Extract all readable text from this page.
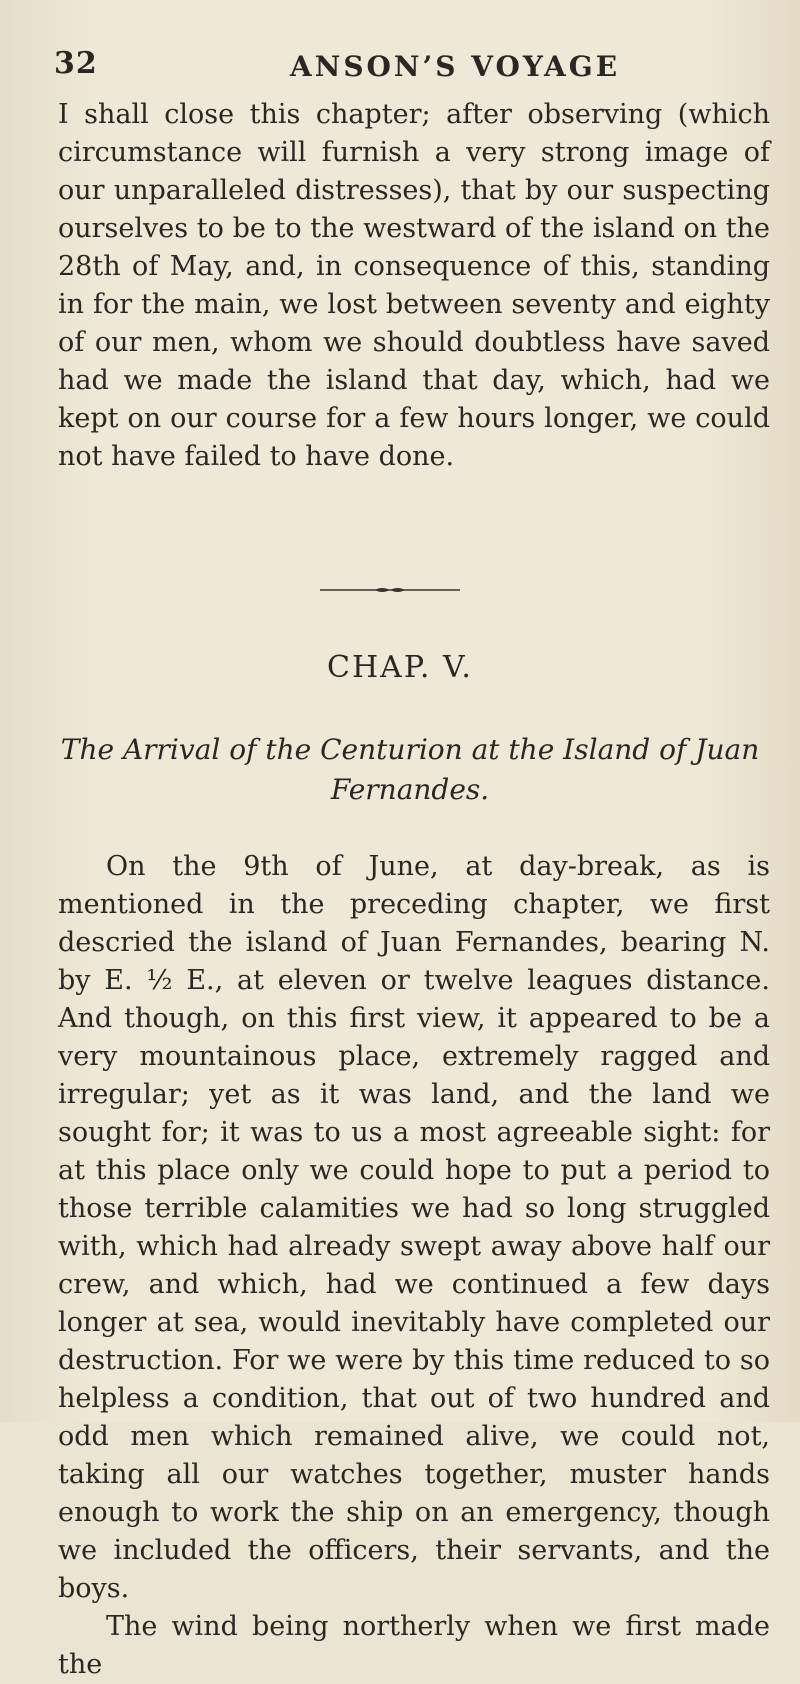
32	ANSON’S VOYAGE

I shall close this chapter; after observing (which circumstance will furnish a very strong image of our unparalleled distresses), that by our suspecting ourselves to be to the westward of the island on the 28th of May, and, in consequence of this, standing in for the main, we lost between seventy and eighty of our men, whom we should doubtless have saved had we made the island that day, which, had we kept on our course for a few hours longer, we could not have failed to have done.

CHAP. V.
The Arrival of the Centurion at the Island of Juan Fernandes.

On the 9th of June, at day-break, as is mentioned in the preceding chapter, we first descried the island of Juan Fernandes, bearing N. by E. ½ E., at eleven or twelve leagues distance. And though, on this first view, it appeared to be a very mountainous place, extremely ragged and irregular; yet as it was land, and the land we sought for; it was to us a most agreeable sight: for at this place only we could hope to put a period to those terrible calamities we had so long struggled with, which had already swept away above half our crew, and which, had we continued a few days longer at sea, would inevitably have completed our destruction. For we were by this time reduced to so helpless a condition, that out of two hundred and odd men which remained alive, we could not, taking all our watches together, muster hands enough to work the ship on an emergency, though we included the officers, their servants, and the boys.

The wind being northerly when we first made the
